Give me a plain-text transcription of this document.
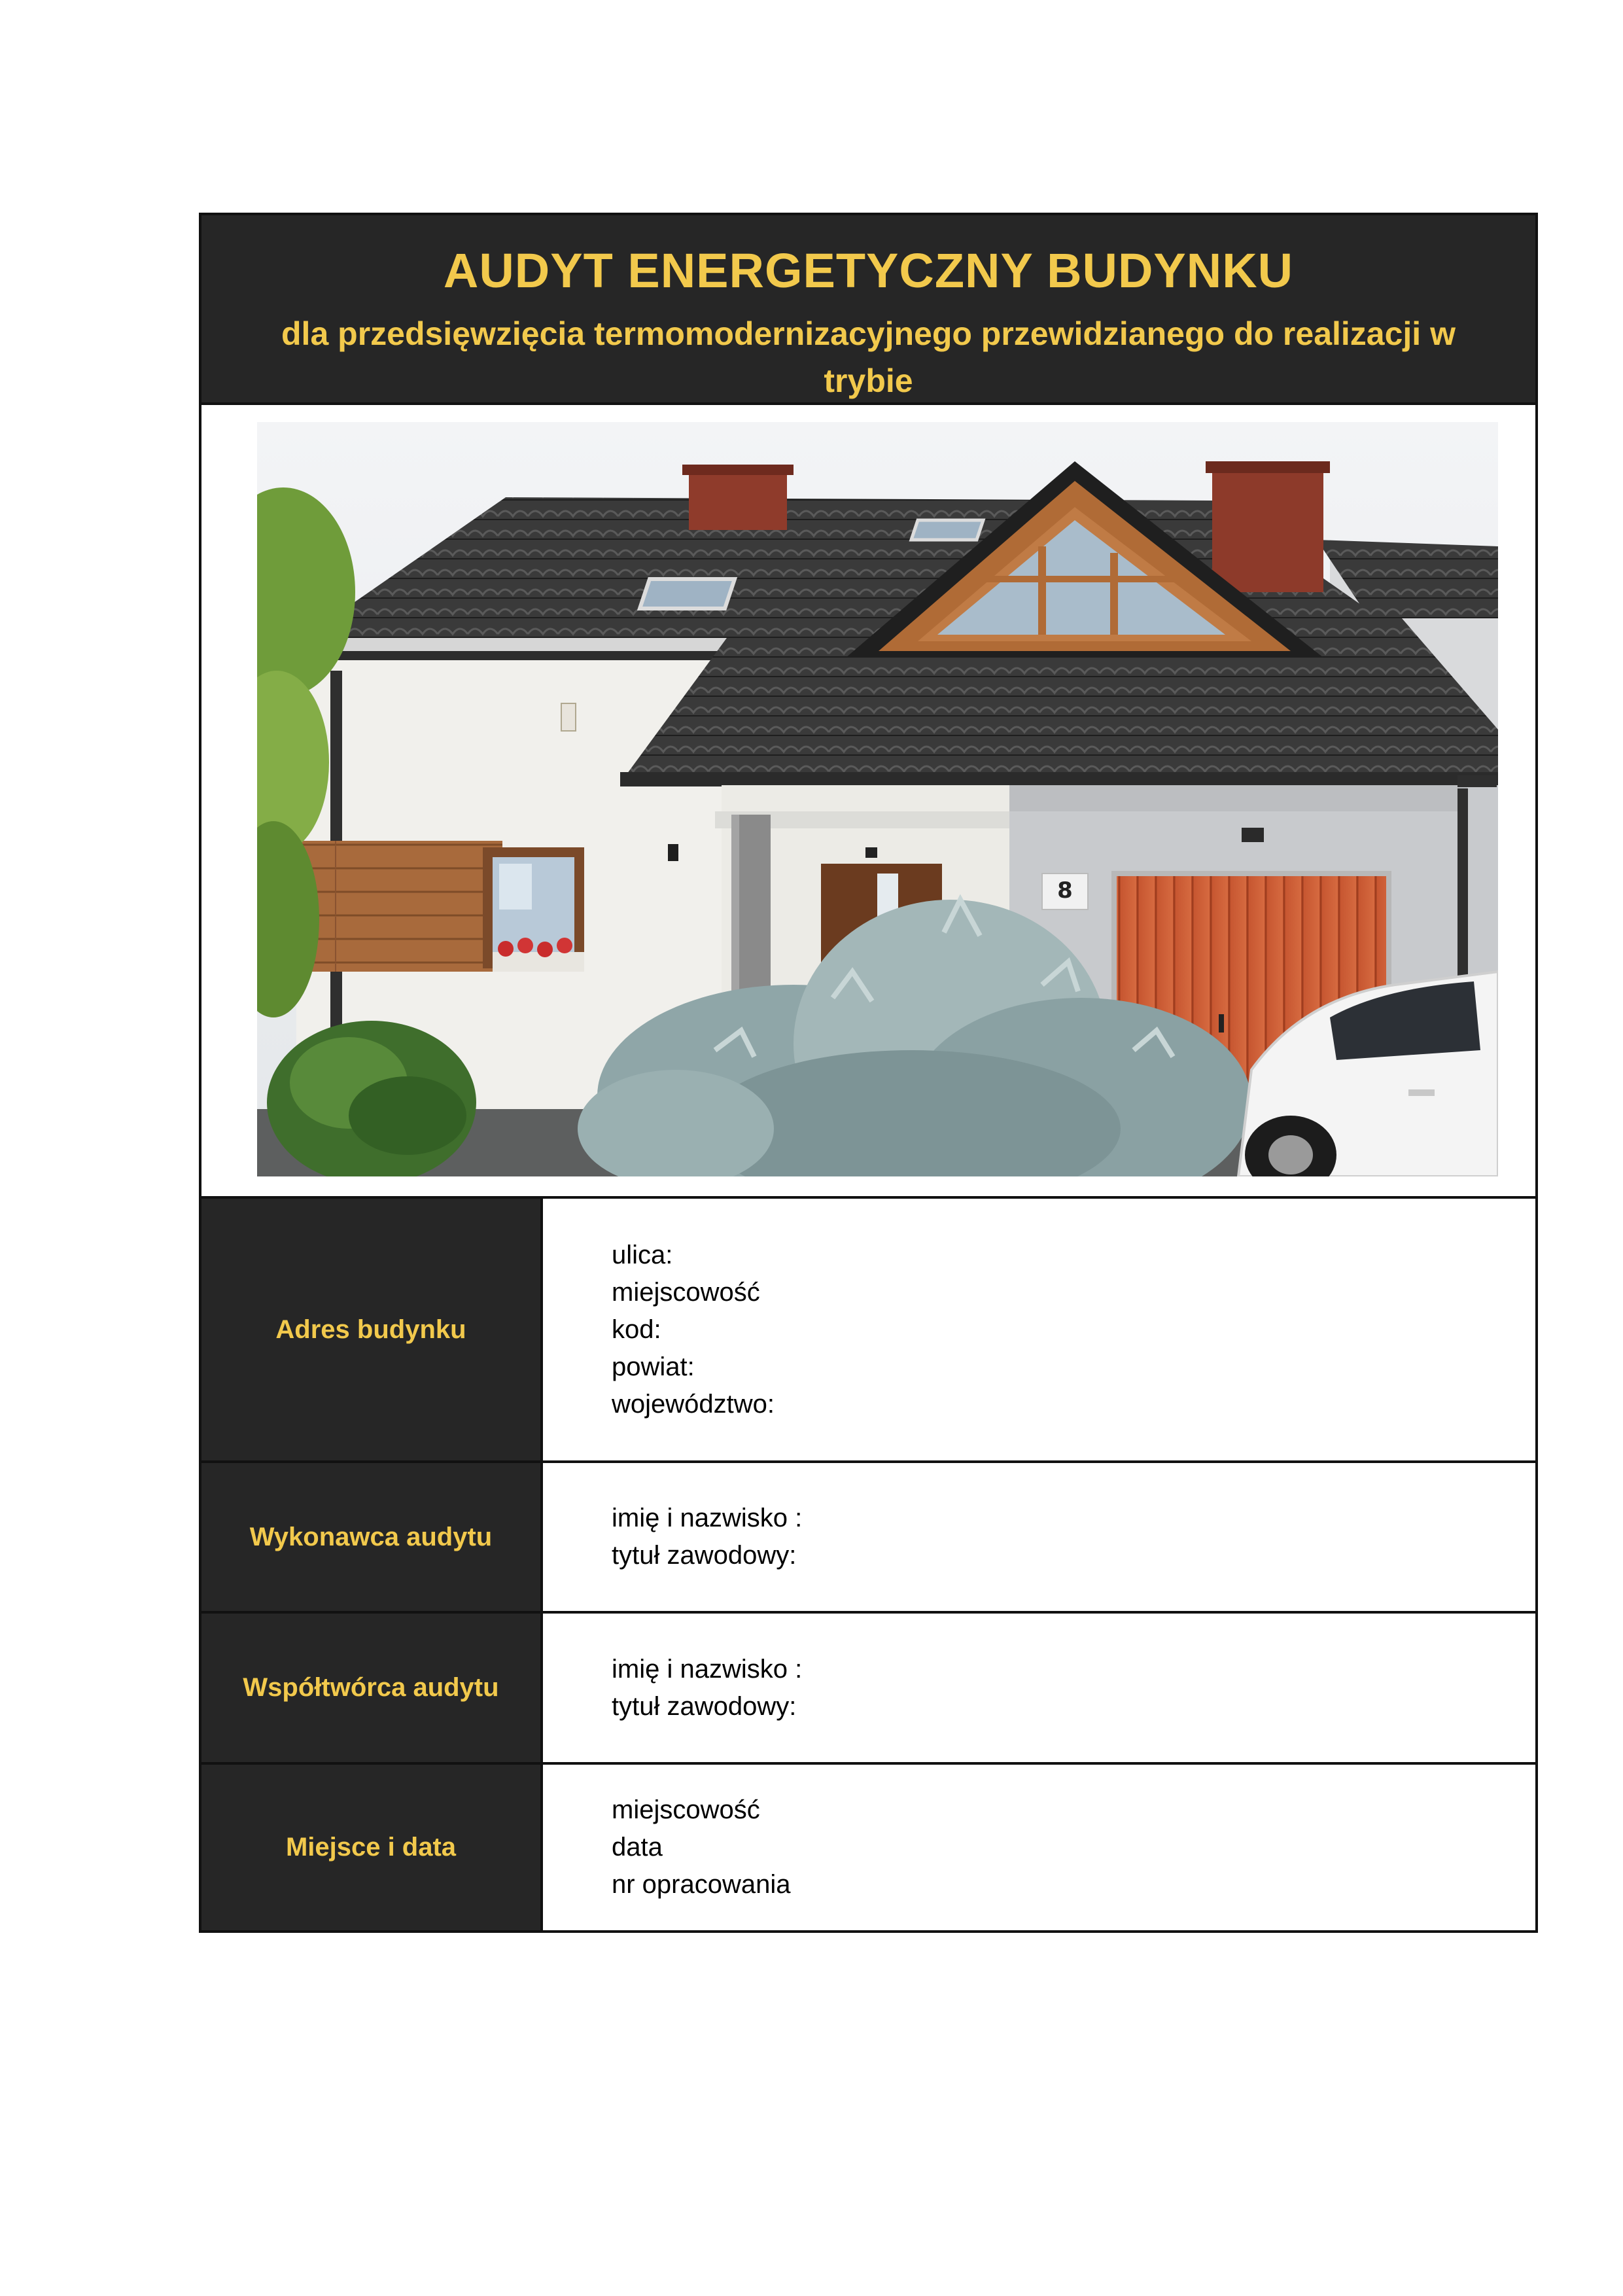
AUDYT ENERGETYCZNY BUDYNKU
dla przedsięwzięcia termomodernizacyjnego przewidzianego do realizacji w trybie
8
Adres budynku
ulica:
miejscowość
kod:
powiat:
województwo:
Wykonawca audytu
imię i nazwisko :
tytuł zawodowy:
Współtwórca audytu
imię i nazwisko :
tytuł zawodowy:
Miejsce i data
miejscowość
data
nr opracowania
